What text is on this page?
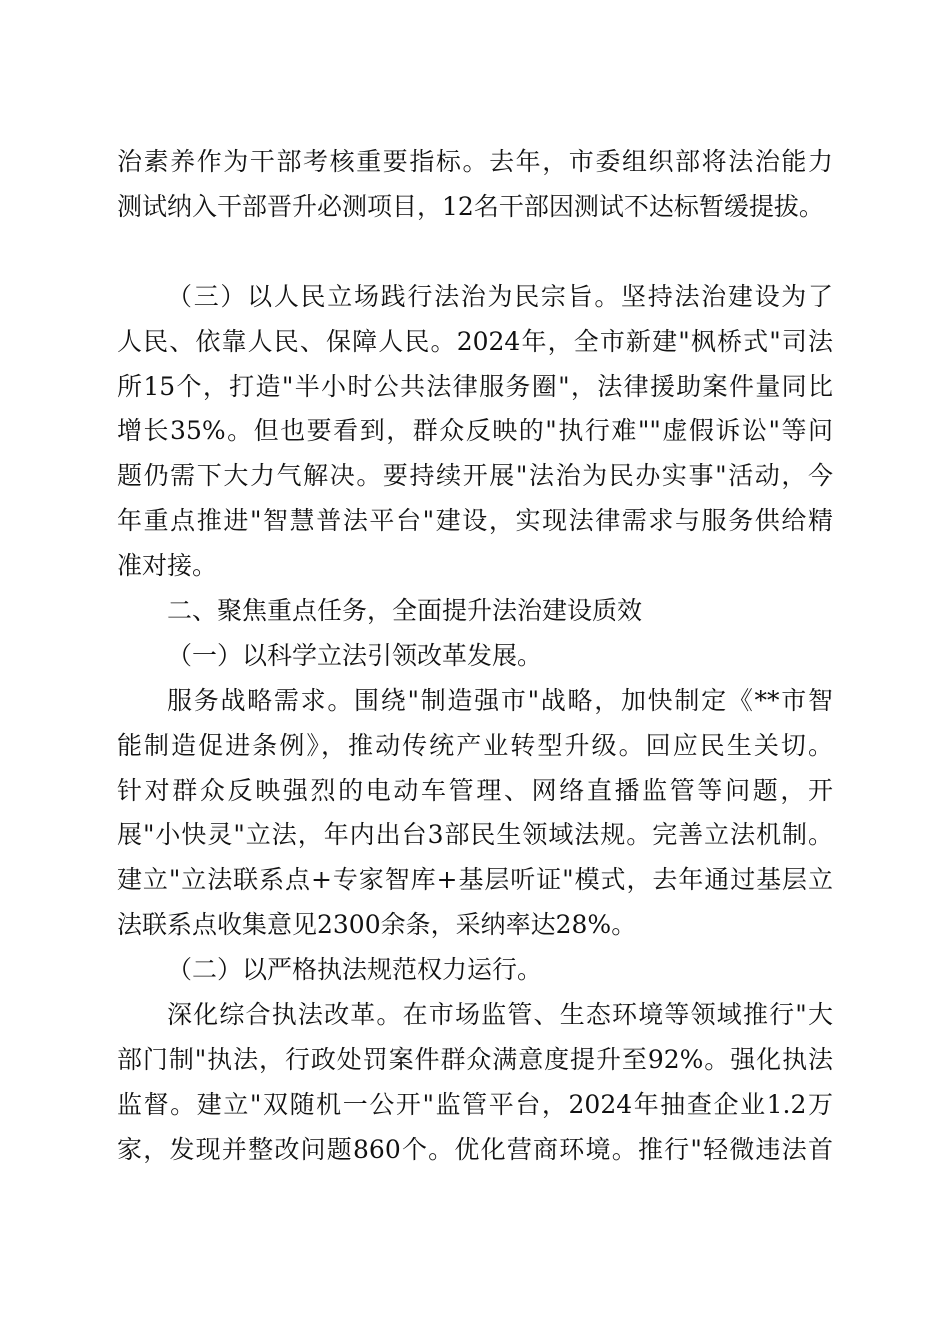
治素养作为干部考核重要指标。去年，市委组织部将法治能力
测试纳入干部晋升必测项目，12名干部因测试不达标暂缓提拔。
（三）以人民立场践行法治为民宗旨。坚持法治建设为了
人民、依靠人民、保障人民。2024年，全市新建"枫桥式"司法
所15个，打造"半小时公共法律服务圈"，法律援助案件量同比
增长35%。但也要看到，群众反映的"执行难""虚假诉讼"等问
题仍需下大力气解决。要持续开展"法治为民办实事"活动，今
年重点推进"智慧普法平台"建设，实现法律需求与服务供给精
准对接。
二、聚焦重点任务，全面提升法治建设质效
（一）以科学立法引领改革发展。
服务战略需求。围绕"制造强市"战略，加快制定《**市智
能制造促进条例》，推动传统产业转型升级。回应民生关切。
针对群众反映强烈的电动车管理、网络直播监管等问题，开
展"小快灵"立法，年内出台3部民生领域法规。完善立法机制。
建立"立法联系点+专家智库+基层听证"模式，去年通过基层立
法联系点收集意见2300余条，采纳率达28%。
（二）以严格执法规范权力运行。
深化综合执法改革。在市场监管、生态环境等领域推行"大
部门制"执法，行政处罚案件群众满意度提升至92%。强化执法
监督。建立"双随机一公开"监管平台，2024年抽查企业1.2万
家，发现并整改问题860个。优化营商环境。推行"轻微违法首
